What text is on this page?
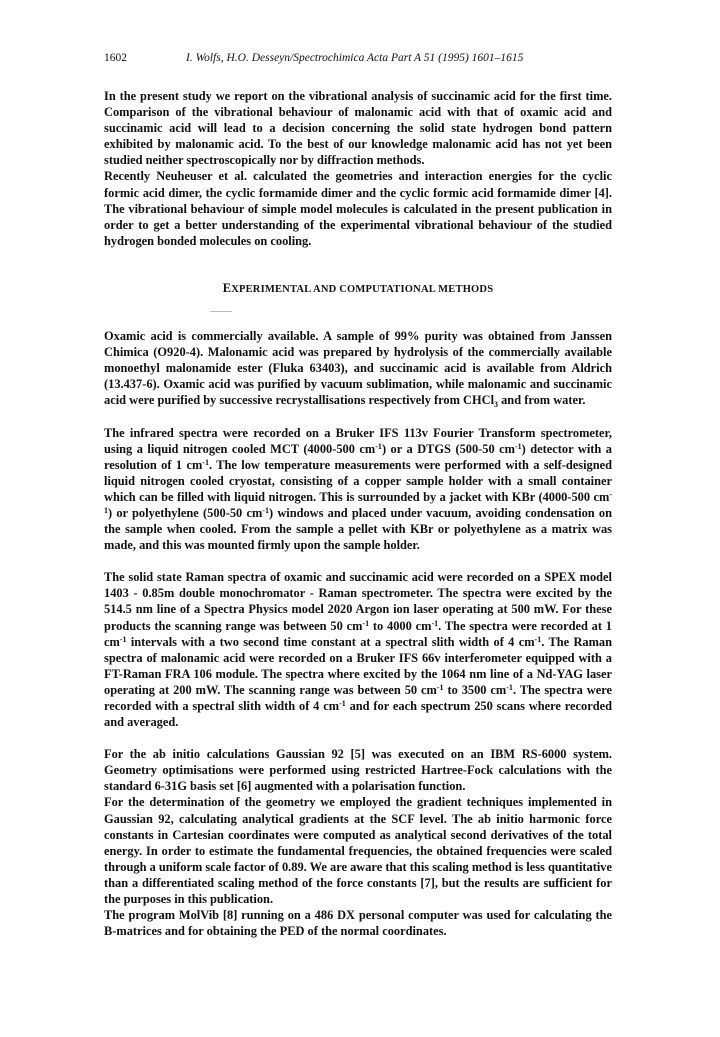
1602	I. Wolfs, H.O. Desseyn/Spectrochimica Acta Part A 51 (1995) 1601–1615

In the present study we report on the vibrational analysis of succinamic acid for the first time. Comparison of the vibrational behaviour of malonamic acid with that of oxamic acid and succinamic acid will lead to a decision concerning the solid state hydrogen bond pattern exhibited by malonamic acid. To the best of our knowledge malonamic acid has not yet been studied neither spectroscopically nor by diffraction methods.

Recently Neuheuser et al. calculated the geometries and interaction energies for the cyclic formic acid dimer, the cyclic formamide dimer and the cyclic formic acid formamide dimer [4]. The vibrational behaviour of simple model molecules is calculated in the present publication in order to get a better understanding of the experimental vibrational behaviour of the studied hydrogen bonded molecules on cooling.

EXPERIMENTAL AND COMPUTATIONAL METHODS

Oxamic acid is commercially available. A sample of 99% purity was obtained from Janssen Chimica (O920-4). Malonamic acid was prepared by hydrolysis of the commercially available monoethyl malonamide ester (Fluka 63403), and succinamic acid is available from Aldrich (13.437-6). Oxamic acid was purified by vacuum sublimation, while malonamic and succinamic acid were purified by successive recrystallisations respectively from CHCl$_3$ and from water.

The infrared spectra were recorded on a Bruker IFS 113v Fourier Transform spectrometer, using a liquid nitrogen cooled MCT (4000-500 $cm^{-1}$) or a DTGS (500-50 $cm^{-1}$) detector with a resolution of 1 $cm^{-1}$. The low temperature measurements were performed with a self-designed liquid nitrogen cooled cryostat, consisting of a copper sample holder with a small container which can be filled with liquid nitrogen. This is surrounded by a jacket with KBr (4000-500 $cm^{-1}$) or polyethylene (500-50 $cm^{-1}$) windows and placed under vacuum, avoiding condensation on the sample when cooled. From the sample a pellet with KBr or polyethylene as a matrix was made, and this was mounted firmly upon the sample holder.

The solid state Raman spectra of oxamic and succinamic acid were recorded on a SPEX model 1403 - 0.85m double monochromator - Raman spectrometer. The spectra were excited by the 514.5 nm line of a Spectra Physics model 2020 Argon ion laser operating at 500 mW. For these products the scanning range was between 50 $cm^{-1}$ to 4000 $cm^{-1}$. The spectra were recorded at 1 $cm^{-1}$ intervals with a two second time constant at a spectral slith width of 4 $cm^{-1}$. The Raman spectra of malonamic acid were recorded on a Bruker IFS 66v interferometer equipped with a FT-Raman FRA 106 module. The spectra where excited by the 1064 nm line of a Nd-YAG laser operating at 200 mW. The scanning range was between 50 $cm^{-1}$ to 3500 $cm^{-1}$. The spectra were recorded with a spectral slith width of 4 $cm^{-1}$ and for each spectrum 250 scans where recorded and averaged.

For the ab initio calculations Gaussian 92 [5] was executed on an IBM RS-6000 system. Geometry optimisations were performed using restricted Hartree-Fock calculations with the standard 6-31G basis set [6] augmented with a polarisation function.

For the determination of the geometry we employed the gradient techniques implemented in Gaussian 92, calculating analytical gradients at the SCF level. The ab initio harmonic force constants in Cartesian coordinates were computed as analytical second derivatives of the total energy. In order to estimate the fundamental frequencies, the obtained frequencies were scaled through a uniform scale factor of 0.89. We are aware that this scaling method is less quantitative than a differentiated scaling method of the force constants [7], but the results are sufficient for the purposes in this publication.

The program MolVib [8] running on a 486 DX personal computer was used for calculating the B-matrices and for obtaining the PED of the normal coordinates.
